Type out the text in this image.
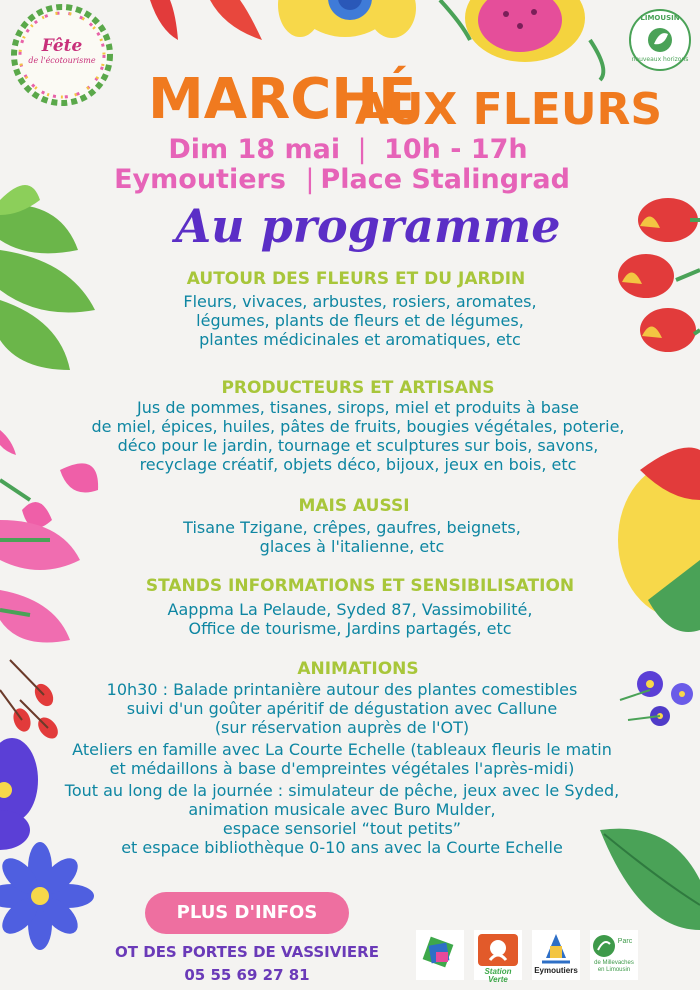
Fête
de l'écotourisme
LIMOUSIN
nouveaux horizons
MARCHÉ
AUX FLEURS
Dim 18 mai | 10h - 17h
Eymoutiers | Place Stalingrad
Au programme
AUTOUR DES FLEURS ET DU JARDIN
Fleurs, vivaces, arbustes, rosiers, aromates,
légumes, plants de fleurs et de légumes,
plantes médicinales et aromatiques, etc
PRODUCTEURS ET ARTISANS
Jus de pommes, tisanes, sirops, miel et produits à base
de miel, épices, huiles, pâtes de fruits, bougies végétales, poterie,
déco pour le jardin, tournage et sculptures sur bois, savons,
recyclage créatif, objets déco, bijoux, jeux en bois, etc
MAIS AUSSI
Tisane Tzigane, crêpes, gaufres, beignets,
glaces à l'italienne, etc
STANDS INFORMATIONS ET SENSIBILISATION
Aappma La Pelaude, Syded 87, Vassimobilité,
Office de tourisme, Jardins partagés, etc
ANIMATIONS
10h30 : Balade printanière autour des plantes comestibles
suivi d'un goûter apéritif de dégustation avec Callune
(sur réservation auprès de l'OT)
Ateliers en famille avec La Courte Echelle (tableaux fleuris le matin
et médaillons à base d'empreintes végétales l'après-midi)
Tout au long de la journée : simulateur de pêche, jeux avec le Syded,
animation musicale avec Buro Mulder,
espace sensoriel “tout petits”
et espace bibliothèque 0-10 ans avec la Courte Echelle
PLUS D'INFOS
OT DES PORTES DE VASSIVIERE
05 55 69 27 81	Station Verte
Eymoutiers
Parc
de Millevaches
en Limousin
